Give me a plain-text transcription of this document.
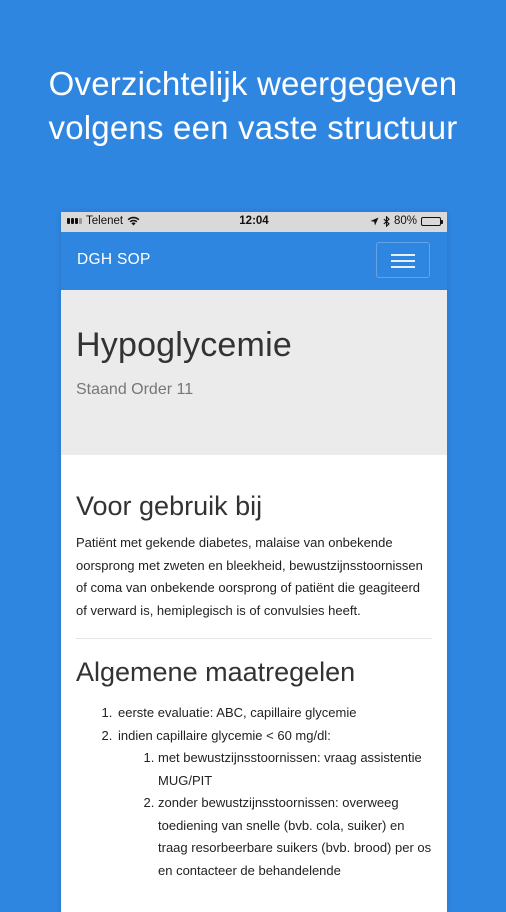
Overzichtelijk weergegeven
volgens een vaste structuur
Telenet	12:04	80%
DGH SOP
Hypoglycemie

Staand Order 11

Voor gebruik bij

Patiënt met gekende diabetes, malaise van onbekende oorsprong met zweten en bleekheid, bewustzijnsstoornissen of coma van onbekende oorsprong of patiënt die geagiteerd of verward is, hemiplegisch is of convulsies heeft.

Algemene maatregelen
1. eerste evaluatie: ABC, capillaire glycemie
2. indien capillaire glycemie < 60 mg/dl:
1. met bewustzijnsstoornissen: vraag assistentie MUG/PIT
2. zonder bewustzijnsstoornissen: overweeg toediening van snelle (bvb. cola, suiker) en traag resorbeerbare suikers (bvb. brood) per os en contacteer de behandelende
